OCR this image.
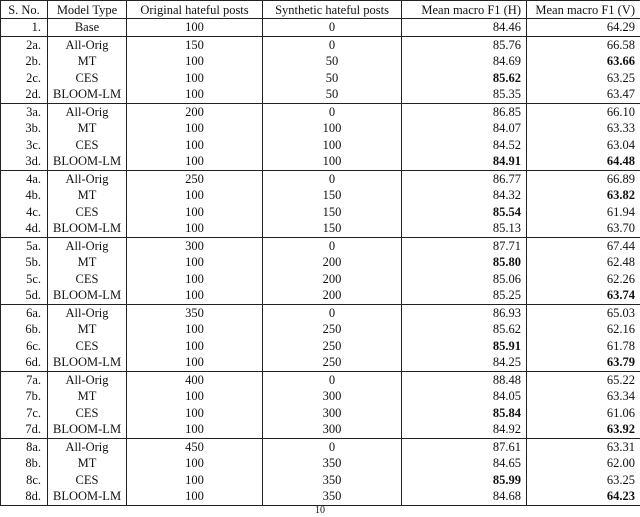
S. No.	Model Type	Original hateful posts	Synthetic hateful posts	Mean macro F1 (H)	Mean macro F1 (V)
1.	Base	100	0	84.46	64.29
2a.	All-Orig	150	0	85.76	66.58
2b.	MT	100	50	84.69	63.66
2c.	CES	100	50	85.62	63.25
2d.	BLOOM-LM	100	50	85.35	63.47
3a.	All-Orig	200	0	86.85	66.10
3b.	MT	100	100	84.07	63.33
3c.	CES	100	100	84.52	63.04
3d.	BLOOM-LM	100	100	84.91	64.48
4a.	All-Orig	250	0	86.77	66.89
4b.	MT	100	150	84.32	63.82
4c.	CES	100	150	85.54	61.94
4d.	BLOOM-LM	100	150	85.13	63.70
5a.	All-Orig	300	0	87.71	67.44
5b.	MT	100	200	85.80	62.48
5c.	CES	100	200	85.06	62.26
5d.	BLOOM-LM	100	200	85.25	63.74
6a.	All-Orig	350	0	86.93	65.03
6b.	MT	100	250	85.62	62.16
6c.	CES	100	250	85.91	61.78
6d.	BLOOM-LM	100	250	84.25	63.79
7a.	All-Orig	400	0	88.48	65.22
7b.	MT	100	300	84.05	63.34
7c.	CES	100	300	85.84	61.06
7d.	BLOOM-LM	100	300	84.92	63.92
8a.	All-Orig	450	0	87.61	63.31
8b.	MT	100	350	84.65	62.00
8c.	CES	100	350	85.99	63.25
8d.	BLOOM-LM	100	350	84.68	64.23
10
